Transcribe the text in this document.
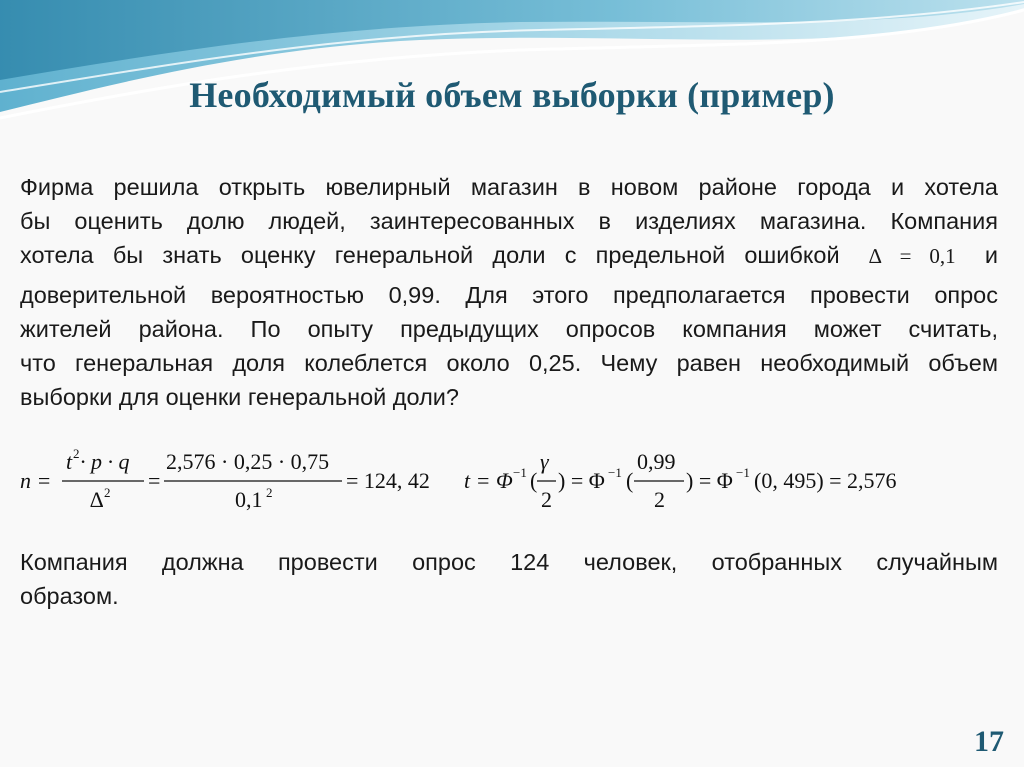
Необходимый объем выборки (пример)
Фирма решила открыть ювелирный магазин в новом районе города и хотела
бы оценить долю людей, заинтересованных в изделиях магазина. Компания
хотела бы знать оценку генеральной доли с предельной ошибкой ∆ = 0,1 и
доверительной вероятностью 0,99. Для этого предполагается провести опрос
жителей района. По опыту предыдущих опросов компания может считать,
что генеральная доля колеблется около 0,25. Чему равен необходимый объем
выборки для оценки генеральной доли?
n =
t 2 · p · q
∆ 2 =
2,576 · 0,25 · 0,75
0,1 2	= 124, 42 t = Φ −1 (
γ
2
) = Φ −1 (
0,99
2
) = Φ −1 (0, 495) = 2,576
Компания должна провести опрос 124 человек, отобранных случайным
образом.
17
